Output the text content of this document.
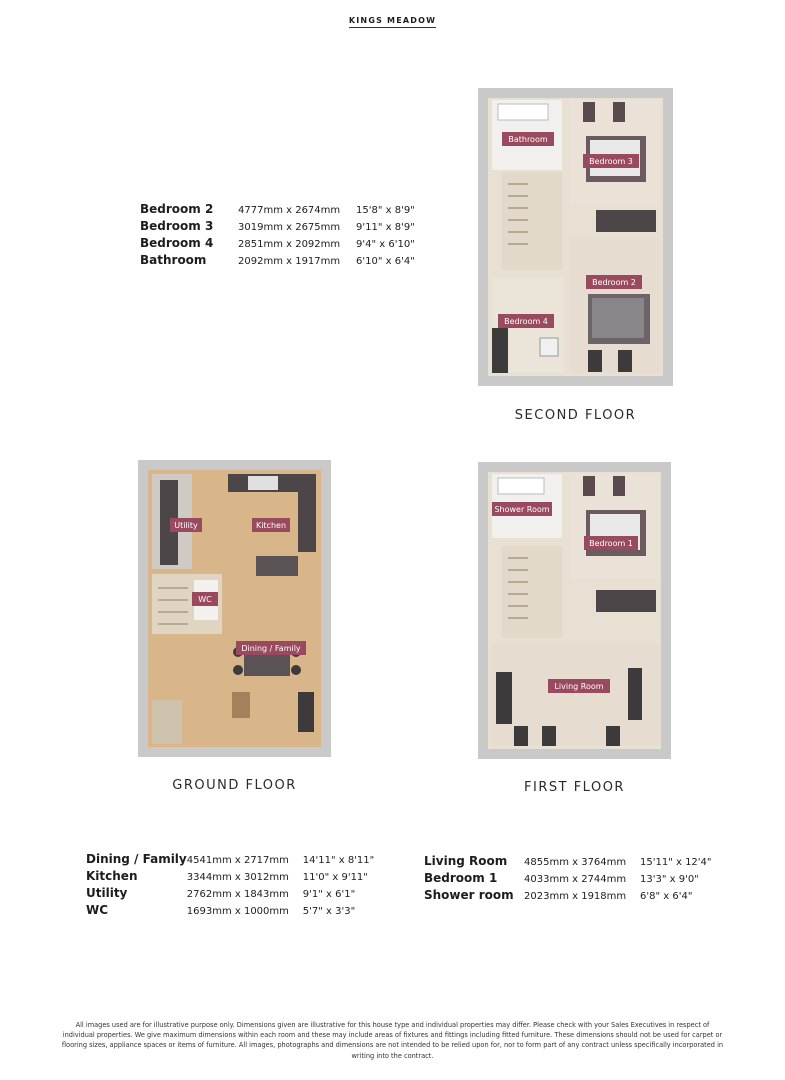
KINGS MEADOW
Bedroom 2	4777mm x 2674mm	15'8" x 8'9"
Bedroom 3	3019mm x 2675mm	9'11" x 8'9"
Bedroom 4	2851mm x 2092mm	9'4" x 6'10"
Bathroom	2092mm x 1917mm	6'10" x 6'4"
Bathroom
Bedroom 3
Bedroom 2
Bedroom 4
SECOND FLOOR
Utility	Kitchen
WC
Dining / Family
GROUND FLOOR
Shower Room
Bedroom 1
Living Room
FIRST FLOOR
Dining / Family	4541mm x 2717mm	14'11" x 8'11"
Kitchen	3344mm x 3012mm	11'0" x 9'11"
Utility	2762mm x 1843mm	9'1" x 6'1"
WC	1693mm x 1000mm	5'7" x 3'3"
Living Room	4855mm x 3764mm	15'11" x 12'4"
Bedroom 1	4033mm x 2744mm	13'3" x 9'0"
Shower room	2023mm x 1918mm	6'8" x 6'4"
All images used are for illustrative purpose only. Dimensions given are illustrative for this house type and individual properties may differ. Please check with your Sales Executives in respect of individual properties. We give maximum dimensions within each room and these may include areas of fixtures and fittings including fitted furniture. These dimensions should not be used for carpet or flooring sizes, appliance spaces or items of furniture. All images, photographs and dimensions are not intended to be relied upon for, nor to form part of any contract unless specifically incorporated in writing into the contract.
